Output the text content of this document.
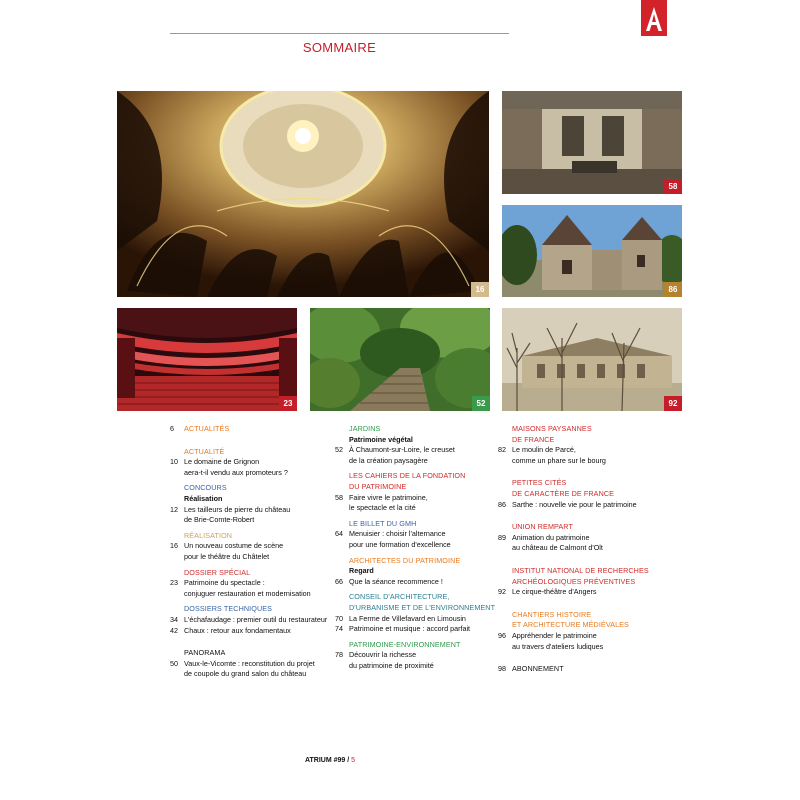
SOMMAIRE
16
58
86
23	52	92
6 ACTUALITÉS
ACTUALITÉ
10 Le domaine de Grignon
aera-t-il vendu aux promoteurs ?
CONCOURS
Réalisation
12 Les tailleurs de pierre du château
de Brie-Comte-Robert
RÉALISATION
16 Un nouveau costume de scène
pour le théâtre du Châtelet
DOSSIER SPÉCIAL
23 Patrimoine du spectacle :
conjuguer restauration et modernisation
DOSSIERS TECHNIQUES
34 L'échafaudage : premier outil du restaurateur
42 Chaux : retour aux fondamentaux
PANORAMA
50 Vaux-le-Vicomte : reconstitution du projet
de coupole du grand salon du château
JARDINS
Patrimoine végétal
52 À Chaumont-sur-Loire, le creuset
de la création paysagère
LES CAHIERS DE LA FONDATION
DU PATRIMOINE
58 Faire vivre le patrimoine,
le spectacle et la cité
LE BILLET DU GMH
64 Menuisier : choisir l'alternance
pour une formation d'excellence
ARCHITECTES DU PATRIMOINE
Regard
66 Que la séance recommence !
CONSEIL D'ARCHITECTURE,
D'URBANISME ET DE L'ENVIRONNEMENT
70 La Ferme de Villefavard en Limousin
74 Patrimoine et musique : accord parfait
PATRIMOINE-ENVIRONNEMENT
78 Découvrir la richesse
du patrimoine de proximité
MAISONS PAYSANNES
DE FRANCE
82 Le moulin de Parcé,
comme un phare sur le bourg
PETITES CITÉS
DE CARACTÈRE DE FRANCE
86 Sarthe : nouvelle vie pour le patrimoine
UNION REMPART
89 Animation du patrimoine
au château de Calmont d'Olt
INSTITUT NATIONAL DE RECHERCHES
ARCHÉOLOGIQUES PRÉVENTIVES
92 Le cirque-théâtre d'Angers
CHANTIERS HISTOIRE
ET ARCHITECTURE MÉDIÉVALES
96 Appréhender le patrimoine
au travers d'ateliers ludiques
98 ABONNEMENT
ATRIUM #99 / 5
